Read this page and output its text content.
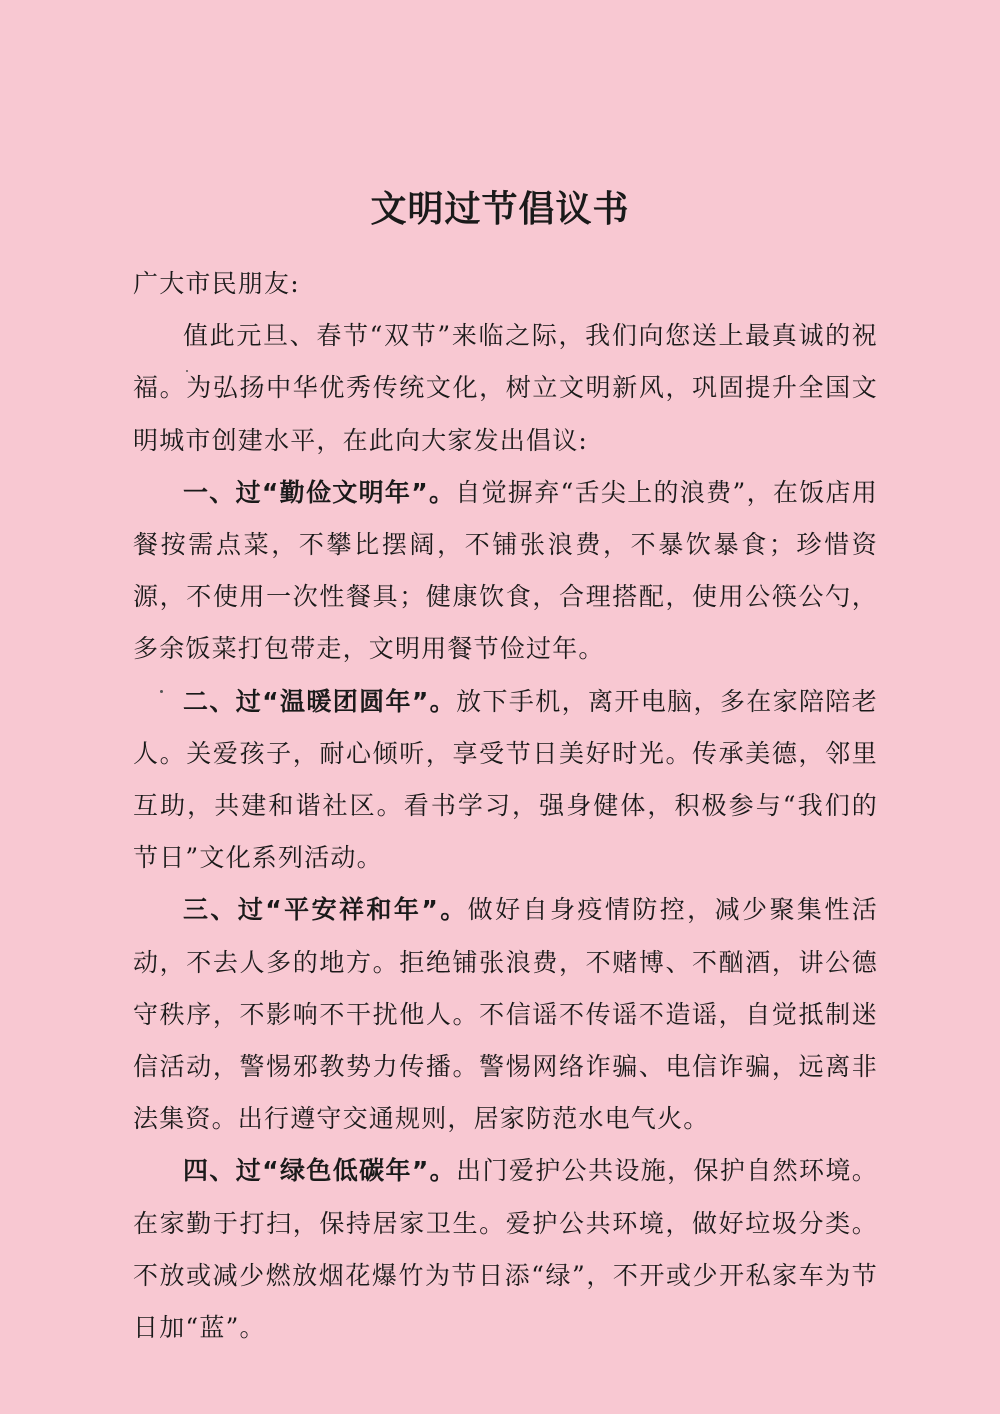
文明过节倡议书

广大市民朋友:

值此元旦、春节“双节”来临之际，我们向您送上最真诚的祝福。为弘扬中华优秀传统文化，树立文明新风，巩固提升全国文明城市创建水平，在此向大家发出倡议:

一、过“勤俭文明年”。自觉摒弃“舌尖上的浪费”，在饭店用餐按需点菜，不攀比摆阔，不铺张浪费，不暴饮暴食；珍惜资源，不使用一次性餐具；健康饮食，合理搭配，使用公筷公勺，多余饭菜打包带走，文明用餐节俭过年。

二、过“温暖团圆年”。放下手机，离开电脑，多在家陪陪老人。关爱孩子，耐心倾听，享受节日美好时光。传承美德，邻里互助，共建和谐社区。看书学习，强身健体，积极参与“我们的节日”文化系列活动。

三、过“平安祥和年”。做好自身疫情防控，减少聚集性活动，不去人多的地方。拒绝铺张浪费，不赌博、不酗酒，讲公德守秩序，不影响不干扰他人。不信谣不传谣不造谣，自觉抵制迷信活动，警惕邪教势力传播。警惕网络诈骗、电信诈骗，远离非法集资。出行遵守交通规则，居家防范水电气火。

四、过“绿色低碳年”。出门爱护公共设施，保护自然环境。在家勤于打扫，保持居家卫生。爱护公共环境，做好垃圾分类。不放或减少燃放烟花爆竹为节日添“绿”，不开或少开私家车为节日加“蓝”。
